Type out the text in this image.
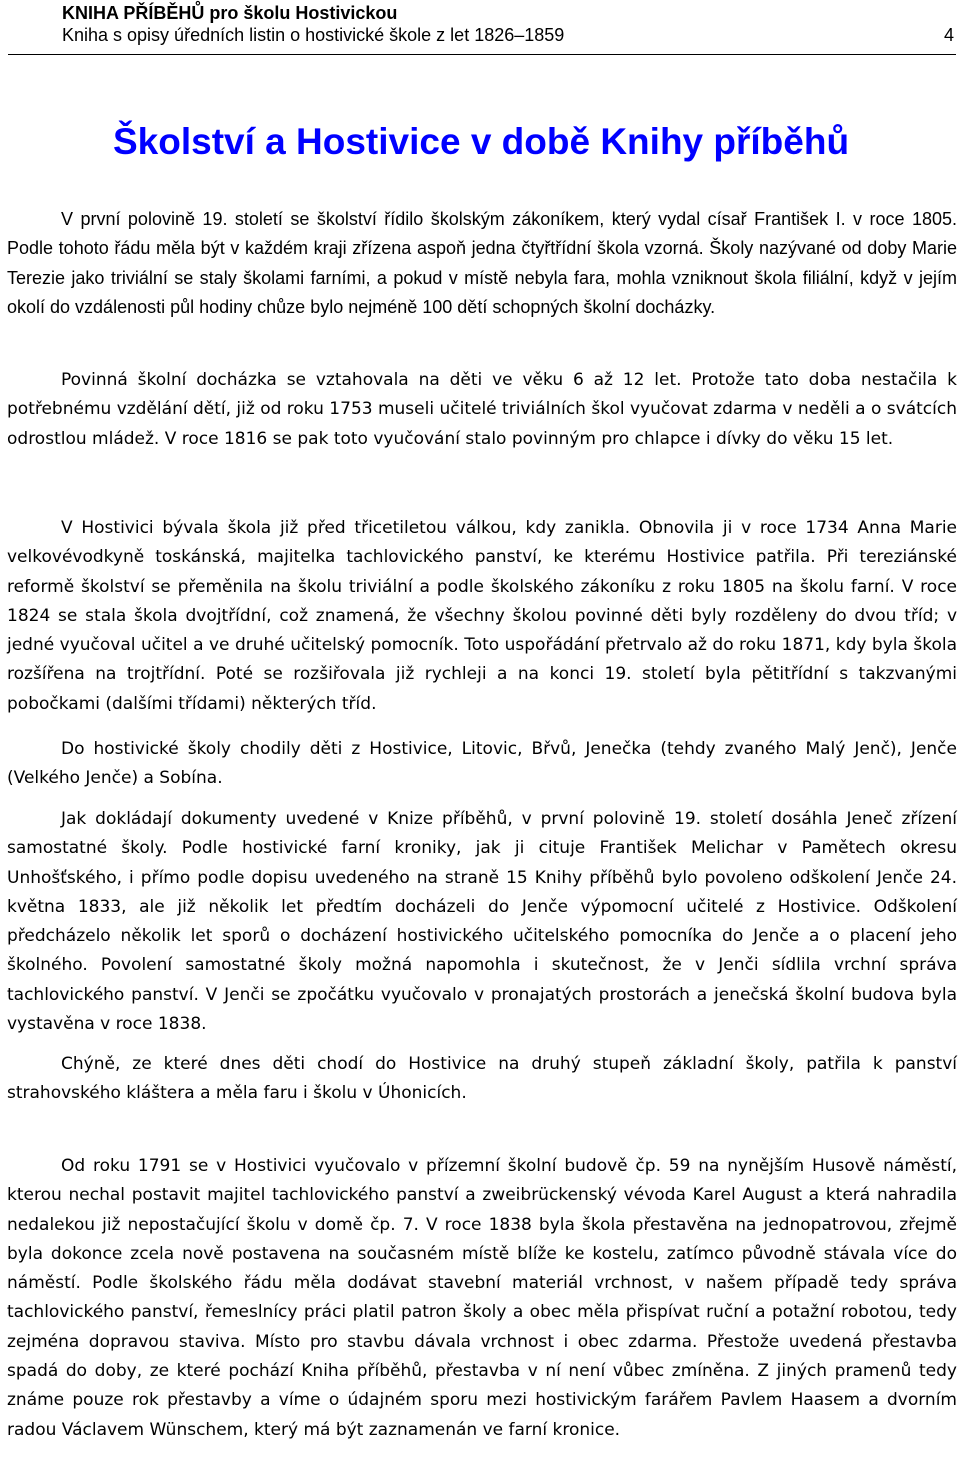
KNIHA PŘÍBĚHŮ pro školu Hostivickou

Kniha s opisy úředních listin o hostivické škole z let 1826–1859	4
Školství a Hostivice v době Knihy příběhů

V první polovině 19. století se školství řídilo školským zákoníkem, který vydal císař František I. v roce 1805. Podle tohoto řádu měla být v každém kraji zřízena aspoň jedna čtyřtřídní škola vzorná. Školy nazývané od doby Marie Terezie jako triviální se staly školami farními, a pokud v místě nebyla fara, mohla vzniknout škola filiální, když v jejím okolí do vzdálenosti půl hodiny chůze bylo nejméně 100 dětí schopných školní docházky.

Povinná školní docházka se vztahovala na děti ve věku 6 až 12 let. Protože tato doba nestačila k potřebnému vzdělání dětí, již od roku 1753 museli učitelé triviálních škol vyučovat zdarma v neděli a o svátcích odrostlou mládež. V roce 1816 se pak toto vyučování stalo povinným pro chlapce i dívky do věku 15 let.

V Hostivici bývala škola již před třicetiletou válkou, kdy zanikla. Obnovila ji v roce 1734 Anna Marie velkovévodkyně toskánská, majitelka tachlovického panství, ke kterému Hostivice patřila. Při tereziánské reformě školství se přeměnila na školu triviální a podle školského zákoníku z roku 1805 na školu farní. V roce 1824 se stala škola dvojtřídní, což znamená, že všechny školou povinné děti byly rozděleny do dvou tříd; v jedné vyučoval učitel a ve druhé učitelský pomocník. Toto uspořádání přetrvalo až do roku 1871, kdy byla škola rozšířena na trojtřídní. Poté se rozšiřovala již rychleji a na konci 19. století byla pětitřídní s takzvanými pobočkami (dalšími třídami) některých tříd.

Do hostivické školy chodily děti z Hostivice, Litovic, Břvů, Jenečka (tehdy zvaného Malý Jenč), Jenče (Velkého Jenče) a Sobína.

Jak dokládají dokumenty uvedené v Knize příběhů, v první polovině 19. století dosáhla Jeneč zřízení samostatné školy. Podle hostivické farní kroniky, jak ji cituje František Melichar v Pamětech okresu Unhošťského, i přímo podle dopisu uvedeného na straně 15 Knihy příběhů bylo povoleno odškolení Jenče 24. května 1833, ale již několik let předtím docházeli do Jenče výpomocní učitelé z Hostivice. Odškolení předcházelo několik let sporů o docházení hostivického učitelského pomocníka do Jenče a o placení jeho školného. Povolení samostatné školy možná napomohla i skutečnost, že v Jenči sídlila vrchní správa tachlovického panství. V Jenči se zpočátku vyučovalo v pronajatých prostorách a jenečská školní budova byla vystavěna v roce 1838.

Chýně, ze které dnes děti chodí do Hostivice na druhý stupeň základní školy, patřila k panství strahovského kláštera a měla faru i školu v Úhonicích.

Od roku 1791 se v Hostivici vyučovalo v přízemní školní budově čp. 59 na nynějším Husově náměstí, kterou nechal postavit majitel tachlovického panství a zweibrückenský vévoda Karel August a která nahradila nedalekou již nepostačující školu v domě čp. 7. V roce 1838 byla škola přestavěna na jednopatrovou, zřejmě byla dokonce zcela nově postavena na současném místě blíže ke kostelu, zatímco původně stávala více do náměstí. Podle školského řádu měla dodávat stavební materiál vrchnost, v našem případě tedy správa tachlovického panství, řemeslnícy práci platil patron školy a obec měla přispívat ruční a potažní robotou, tedy zejména dopravou staviva. Místo pro stavbu dávala vrchnost i obec zdarma. Přestože uvedená přestavba spadá do doby, ze které pochází Kniha příběhů, přestavba v ní není vůbec zmíněna. Z jiných pramenů tedy známe pouze rok přestavby a víme o údajném sporu mezi hostivickým farářem Pavlem Haasem a dvorním radou Václavem Wünschem, který má být zaznamenán ve farní kronice.
